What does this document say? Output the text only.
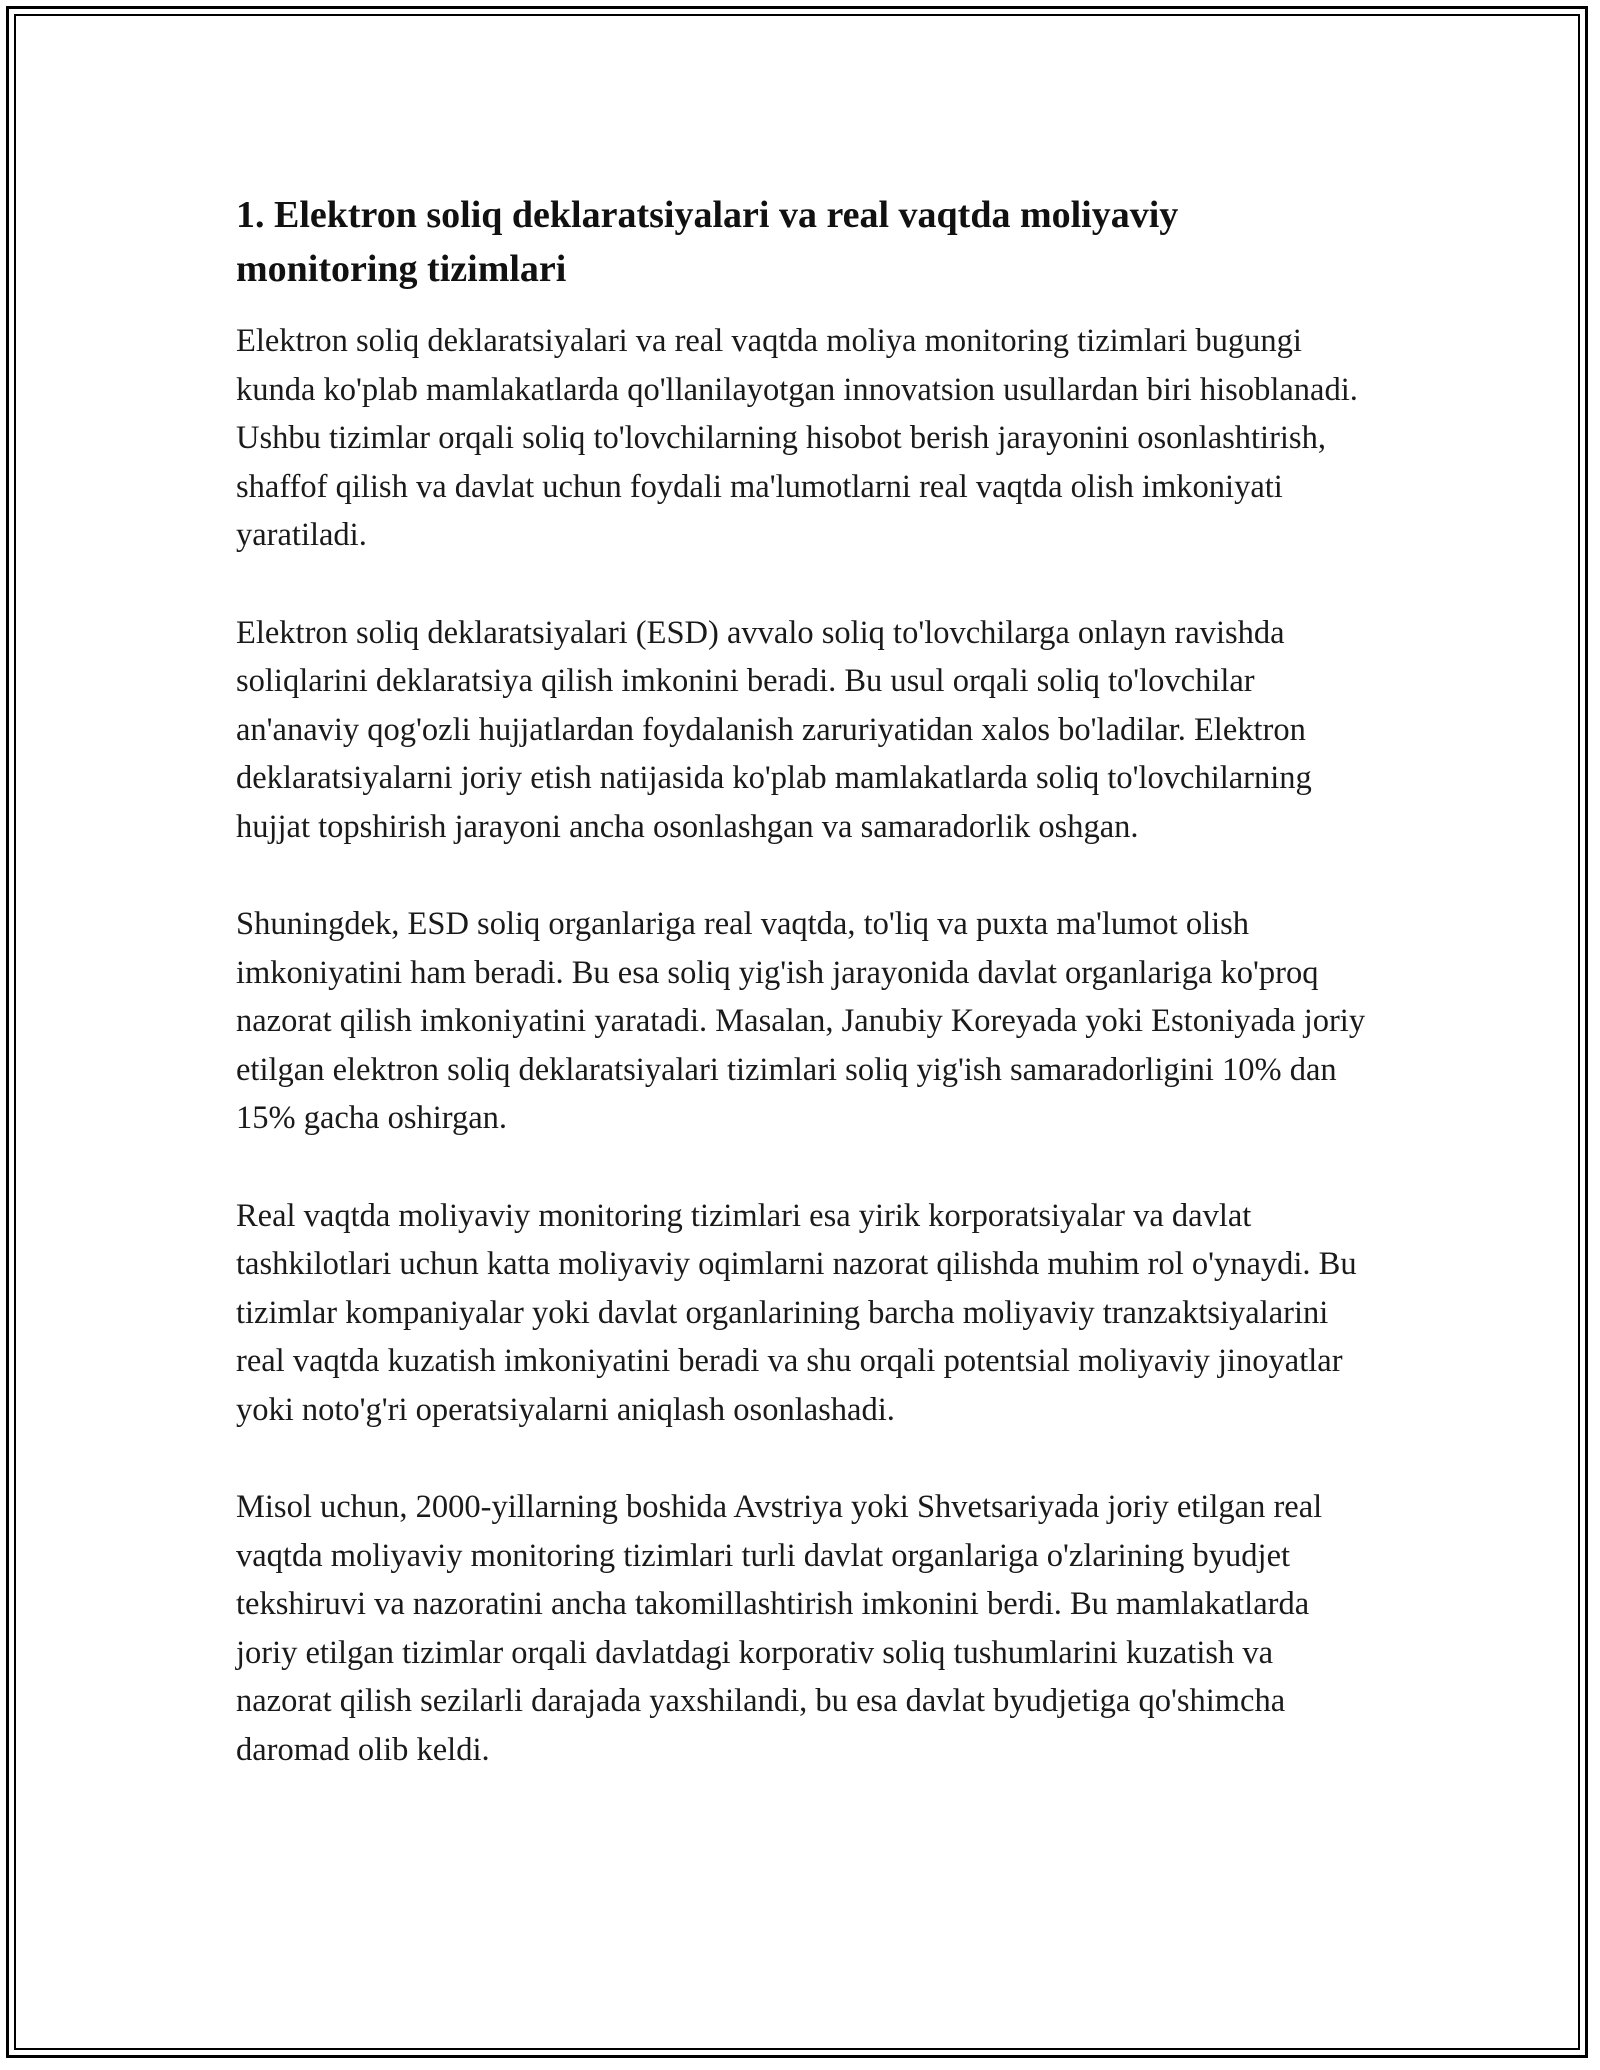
1. Elektron soliq deklaratsiyalari va real vaqtda moliyaviy monitoring tizimlari

Elektron soliq deklaratsiyalari va real vaqtda moliya monitoring tizimlari bugungi kunda ko'plab mamlakatlarda qo'llanilayotgan innovatsion usullardan biri hisoblanadi. Ushbu tizimlar orqali soliq to'lovchilarning hisobot berish jarayonini osonlashtirish, shaffof qilish va davlat uchun foydali ma'lumotlarni real vaqtda olish imkoniyati yaratiladi.

Elektron soliq deklaratsiyalari (ESD) avvalo soliq to'lovchilarga onlayn ravishda soliqlarini deklaratsiya qilish imkonini beradi. Bu usul orqali soliq to'lovchilar an'anaviy qog'ozli hujjatlardan foydalanish zaruriyatidan xalos bo'ladilar. Elektron deklaratsiyalarni joriy etish natijasida ko'plab mamlakatlarda soliq to'lovchilarning hujjat topshirish jarayoni ancha osonlashgan va samaradorlik oshgan.

Shuningdek, ESD soliq organlariga real vaqtda, to'liq va puxta ma'lumot olish imkoniyatini ham beradi. Bu esa soliq yig'ish jarayonida davlat organlariga ko'proq nazorat qilish imkoniyatini yaratadi. Masalan, Janubiy Koreyada yoki Estoniyada joriy etilgan elektron soliq deklaratsiyalari tizimlari soliq yig'ish samaradorligini 10% dan 15% gacha oshirgan.

Real vaqtda moliyaviy monitoring tizimlari esa yirik korporatsiyalar va davlat tashkilotlari uchun katta moliyaviy oqimlarni nazorat qilishda muhim rol o'ynaydi. Bu tizimlar kompaniyalar yoki davlat organlarining barcha moliyaviy tranzaktsiyalarini real vaqtda kuzatish imkoniyatini beradi va shu orqali potentsial moliyaviy jinoyatlar yoki noto'g'ri operatsiyalarni aniqlash osonlashadi.

Misol uchun, 2000-yillarning boshida Avstriya yoki Shvetsariyada joriy etilgan real vaqtda moliyaviy monitoring tizimlari turli davlat organlariga o'zlarining byudjet tekshiruvi va nazoratini ancha takomillashtirish imkonini berdi. Bu mamlakatlarda joriy etilgan tizimlar orqali davlatdagi korporativ soliq tushumlarini kuzatish va nazorat qilish sezilarli darajada yaxshilandi, bu esa davlat byudjetiga qo'shimcha daromad olib keldi.
